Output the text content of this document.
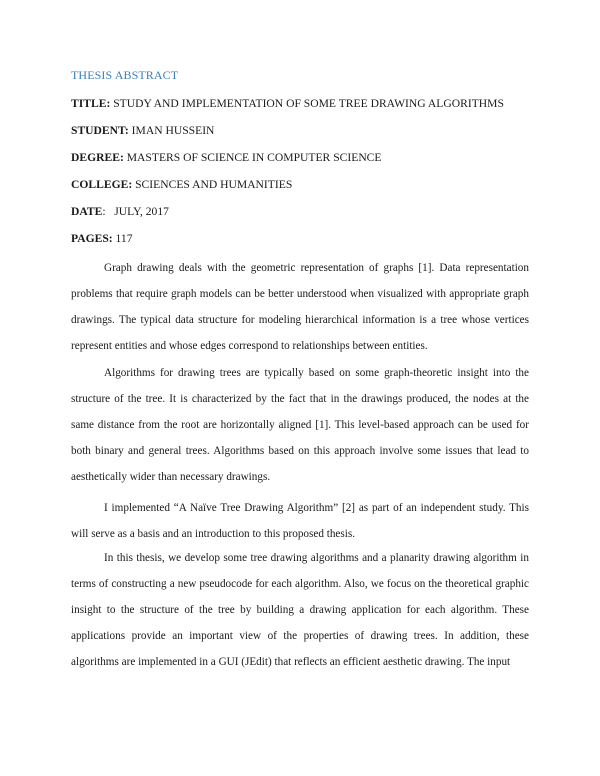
THESIS ABSTRACT
TITLE: STUDY AND IMPLEMENTATION OF SOME TREE DRAWING ALGORITHMS
STUDENT: IMAN HUSSEIN
DEGREE: MASTERS OF SCIENCE IN COMPUTER SCIENCE
COLLEGE: SCIENCES AND HUMANITIES
DATE:   JULY, 2017
PAGES: 117

Graph drawing deals with the geometric representation of graphs [1]. Data representation problems that require graph models can be better understood when visualized with appropriate graph drawings. The typical data structure for modeling hierarchical information is a tree whose vertices represent entities and whose edges correspond to relationships between entities.

Algorithms for drawing trees are typically based on some graph-theoretic insight into the structure of the tree. It is characterized by the fact that in the drawings produced, the nodes at the same distance from the root are horizontally aligned [1]. This level-based approach can be used for both binary and general trees. Algorithms based on this approach involve some issues that lead to aesthetically wider than necessary drawings.

I implemented “A Naïve Tree Drawing Algorithm” [2] as part of an independent study. This will serve as a basis and an introduction to this proposed thesis.

In this thesis, we develop some tree drawing algorithms and a planarity drawing algorithm in terms of constructing a new pseudocode for each algorithm. Also, we focus on the theoretical graphic insight to the structure of the tree by building a drawing application for each algorithm. These applications provide an important view of the properties of drawing trees. In addition, these algorithms are implemented in a GUI (JEdit) that reflects an efficient aesthetic drawing. The input
